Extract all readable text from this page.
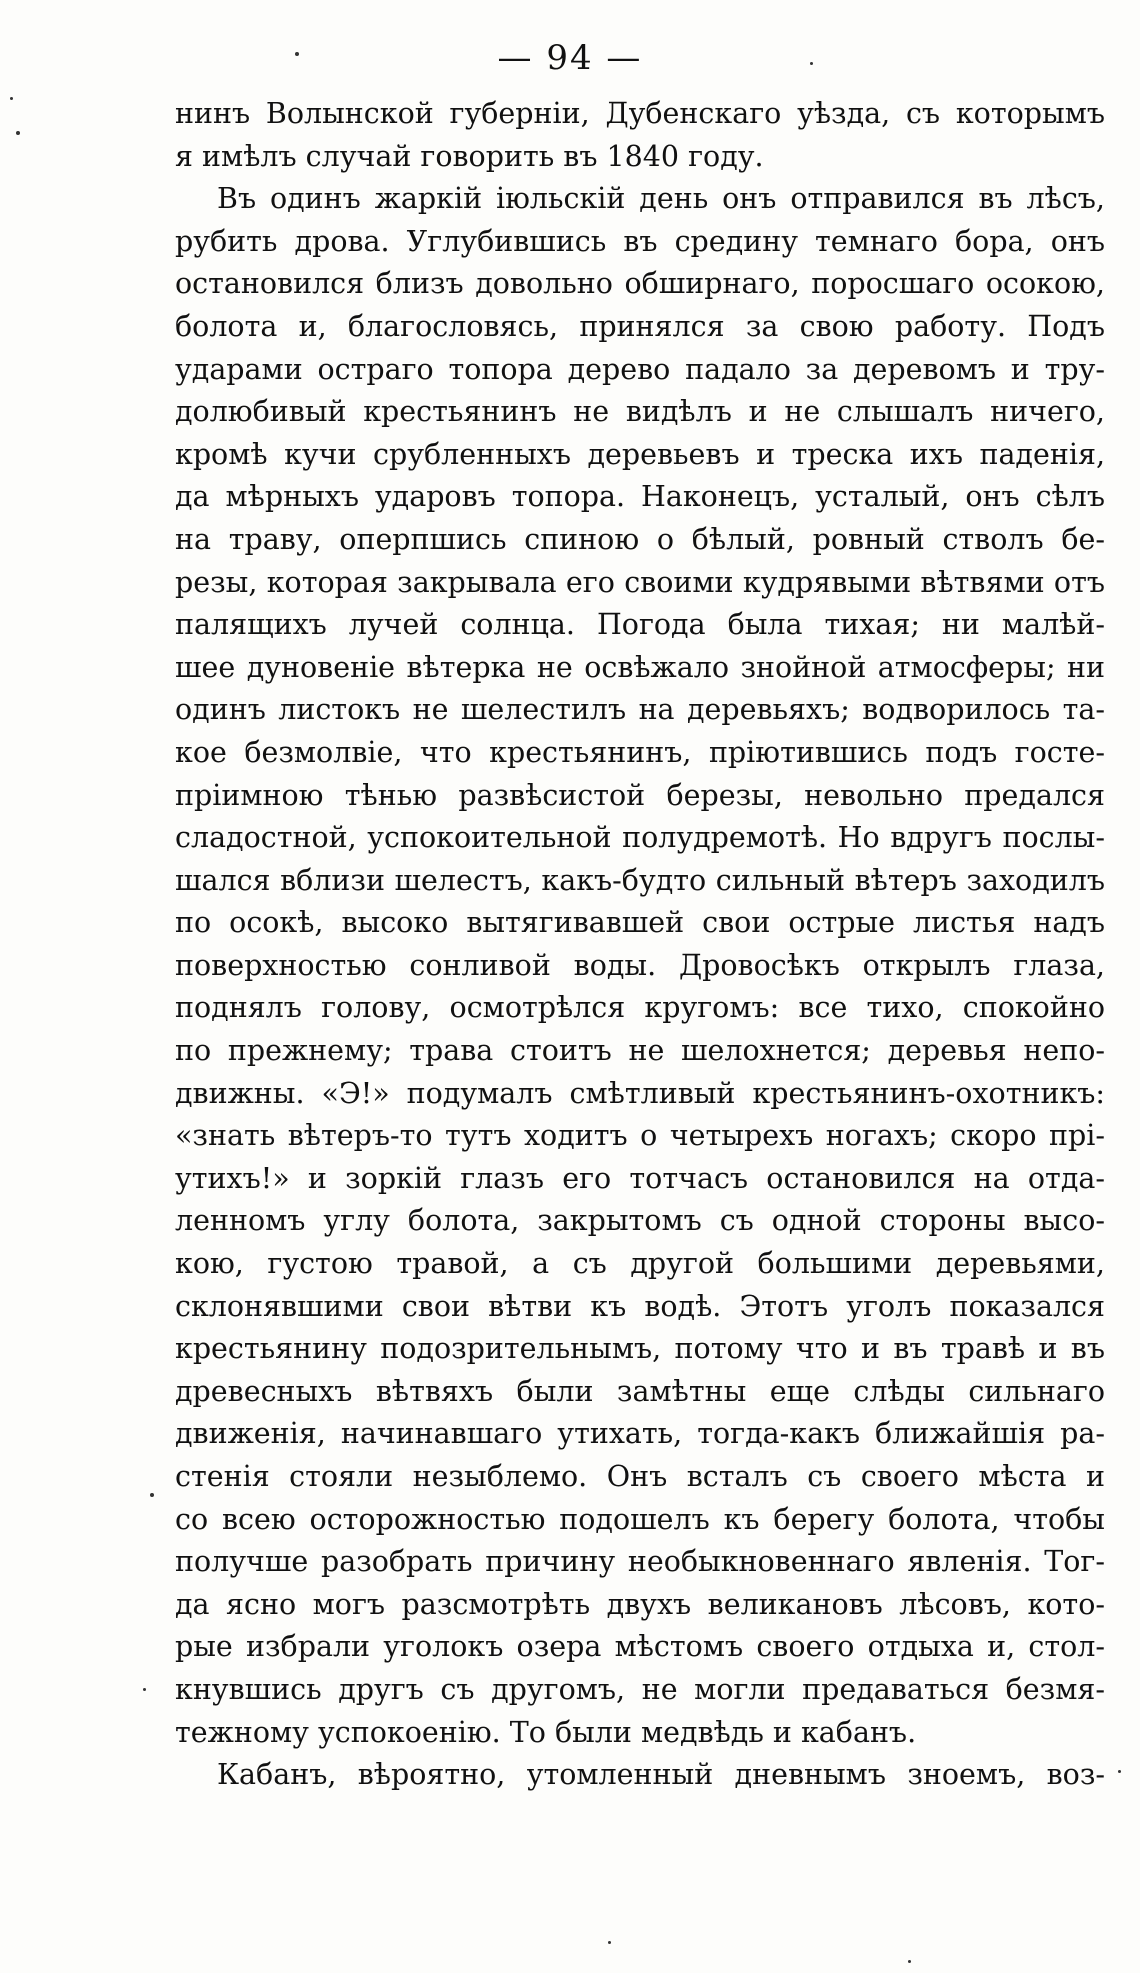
— 94 —
нинъ Волынской губерніи, Дубенскаго уѣзда, съ которымъ
я имѣлъ случай говорить въ 1840 году.
Въ одинъ жаркій іюльскій день онъ отправился въ лѣсъ,
рубить дрова. Углубившись въ средину темнаго бора, онъ
остановился близъ довольно обширнаго, поросшаго осокою,
болота и, благословясь, принялся за свою работу. Подъ
ударами остраго топора дерево падало за деревомъ и тру-
долюбивый крестьянинъ не видѣлъ и не слышалъ ничего,
кромѣ кучи срубленныхъ деревьевъ и треска ихъ паденія,
да мѣрныхъ ударовъ топора. Наконецъ, усталый, онъ сѣлъ
на траву, оперпшись спиною о бѣлый, ровный стволъ бе-
резы, которая закрывала его своими кудрявыми вѣтвями отъ
палящихъ лучей солнца. Погода была тихая; ни малѣй-
шее дуновеніе вѣтерка не освѣжало знойной атмосферы; ни
одинъ листокъ не шелестилъ на деревьяхъ; водворилось та-
кое безмолвіе, что крестьянинъ, пріютившись подъ госте-
пріимною тѣнью развѣсистой березы, невольно предался
сладостной, успокоительной полудремотѣ. Но вдругъ послы-
шался вблизи шелестъ, какъ-будто сильный вѣтеръ заходилъ
по осокѣ, высоко вытягивавшей свои острые листья надъ
поверхностью сонливой воды. Дровосѣкъ открылъ глаза,
поднялъ голову, осмотрѣлся кругомъ: все тихо, спокойно
по прежнему; трава стоитъ не шелохнется; деревья непо-
движны. «Э!» подумалъ смѣтливый крестьянинъ-охотникъ:
«знать вѣтеръ-то тутъ ходитъ о четырехъ ногахъ; скоро прі-
утихъ!» и зоркій глазъ его тотчасъ остановился на отда-
ленномъ углу болота, закрытомъ съ одной стороны высо-
кою, густою травой, а съ другой большими деревьями,
склонявшими свои вѣтви къ водѣ. Этотъ уголъ показался
крестьянину подозрительнымъ, потому что и въ травѣ и въ
древесныхъ вѣтвяхъ были замѣтны еще слѣды сильнаго
движенія, начинавшаго утихать, тогда-какъ ближайшія ра-
стенія стояли незыблемо. Онъ всталъ съ своего мѣста и
со всею осторожностью подошелъ къ берегу болота, чтобы
получше разобрать причину необыкновеннаго явленія. Тог-
да ясно могъ разсмотрѣть двухъ великановъ лѣсовъ, кото-
рые избрали уголокъ озера мѣстомъ своего отдыха и, стол-
кнувшись другъ съ другомъ, не могли предаваться безмя-
тежному успокоенію. То были медвѣдь и кабанъ.
Кабанъ, вѣроятно, утомленный дневнымъ зноемъ, воз-
